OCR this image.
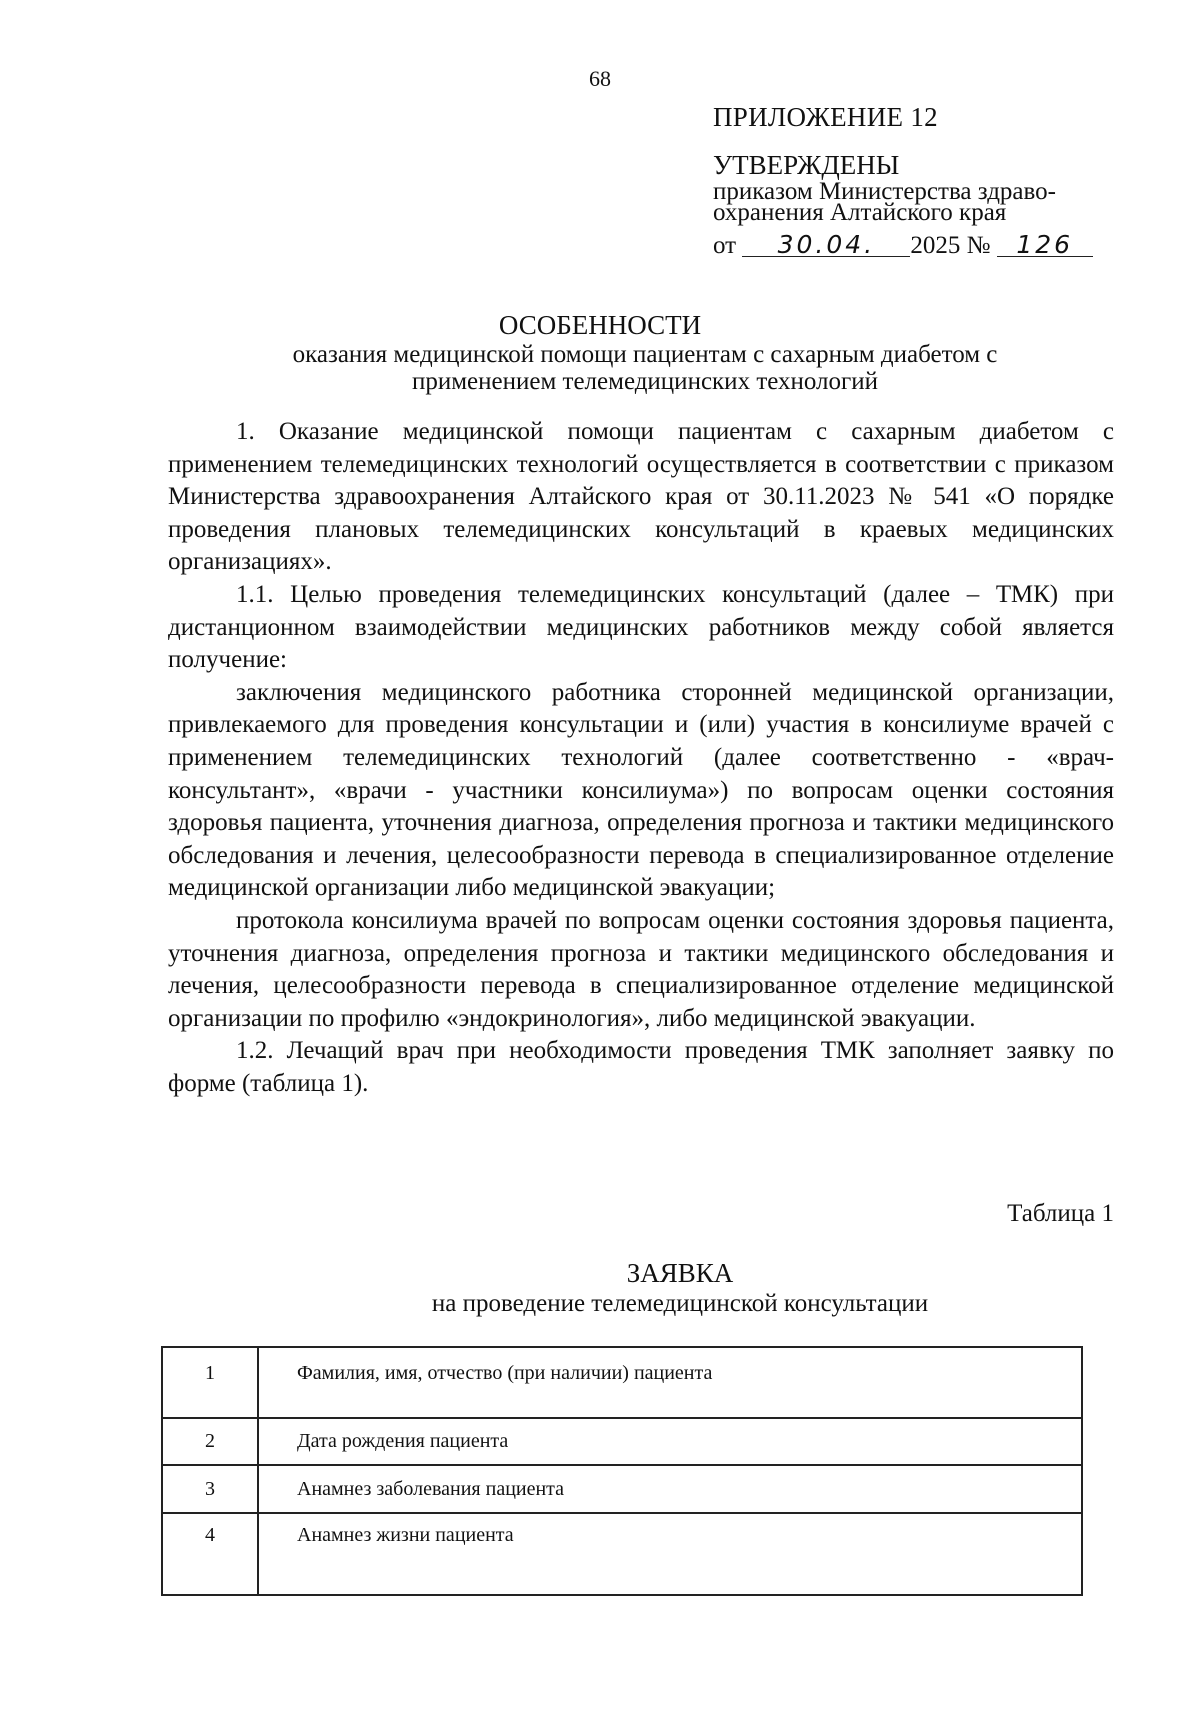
68
ПРИЛОЖЕНИЕ 12
УТВЕРЖДЕНЫ
приказом Министерства здраво-
охранения Алтайского края
от 30.04. 2025 № 126
ОСОБЕННОСТИ
оказания медицинской помощи пациентам с сахарным диабетом с применением телемедицинских технологий

1. Оказание медицинской помощи пациентам с сахарным диабетом с применением телемедицинских технологий осуществляется в соответствии с приказом Министерства здравоохранения Алтайского края от 30.11.2023 № 541 «О порядке проведения плановых телемедицинских консультаций в краевых медицинских организациях».

1.1. Целью проведения телемедицинских консультаций (далее – ТМК) при дистанционном взаимодействии медицинских работников между собой является получение:

заключения медицинского работника сторонней медицинской организации, привлекаемого для проведения консультации и (или) участия в консилиуме врачей с применением телемедицинских технологий (далее соответственно - «врач-консультант», «врачи - участники консилиума») по вопросам оценки состояния здоровья пациента, уточнения диагноза, определения прогноза и тактики медицинского обследования и лечения, целесообразности перевода в специализированное отделение медицинской организации либо медицинской эвакуации;

протокола консилиума врачей по вопросам оценки состояния здоровья пациента, уточнения диагноза, определения прогноза и тактики медицинского обследования и лечения, целесообразности перевода в специализированное отделение медицинской организации по профилю «эндокринология», либо медицинской эвакуации.

1.2. Лечащий врач при необходимости проведения ТМК заполняет заявку по форме (таблица 1).

Таблица 1
ЗАЯВКА
на проведение телемедицинской консультации
1	Фамилия, имя, отчество (при наличии) пациента
2	Дата рождения пациента
3	Анамнез заболевания пациента
4	Анамнез жизни пациента
